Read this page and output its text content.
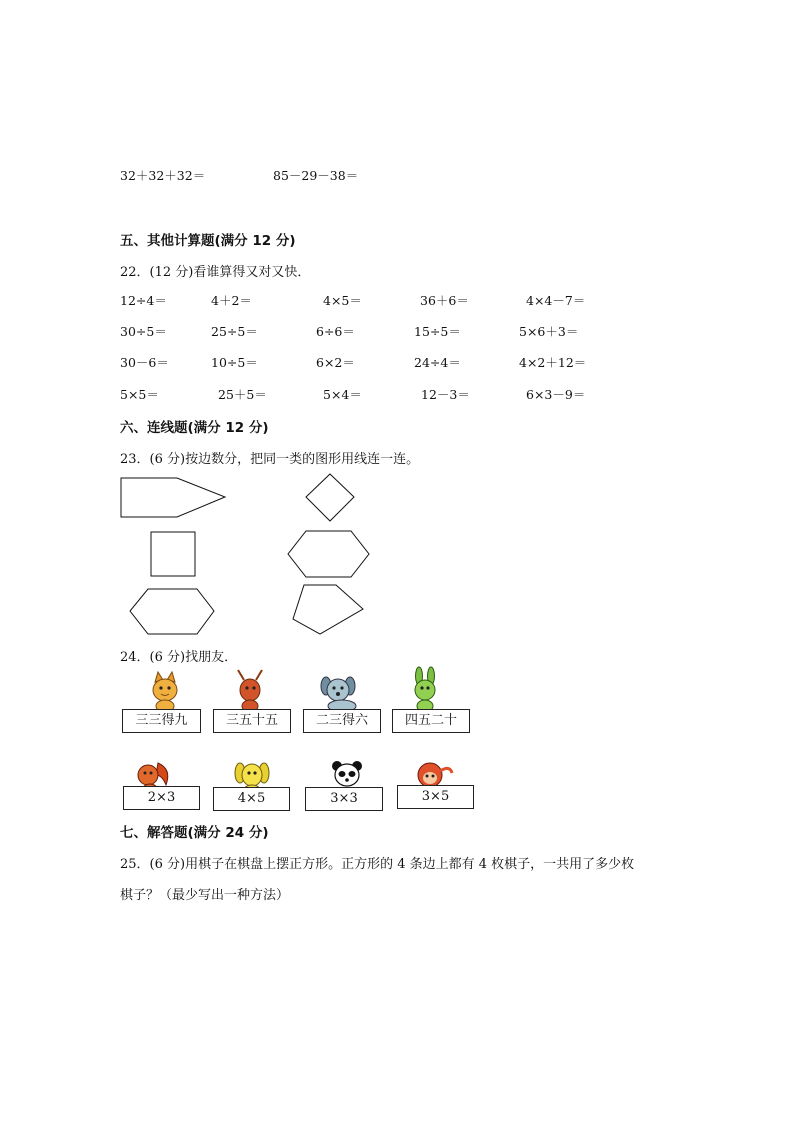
32＋32＋32＝	85－29－38＝
五、其他计算题(满分 12 分)
22．(12 分)看谁算得又对又快．
12÷4＝	4＋2＝	4×5＝	36＋6＝	4×4－7＝
30÷5＝	25÷5＝	6÷6＝	15÷5＝	5×6＋3＝
30－6＝	10÷5＝	6×2＝	24÷4＝	4×2＋12＝
5×5＝	25＋5＝	5×4＝	12－3＝	6×3－9＝
六、连线题(满分 12 分)
23．(6 分)按边数分，把同一类的图形用线连一连。
24．(6 分)找朋友．
三三得九	三五十五	二三得六	四五二十
2×3	4×5	3×3	3×5
七、解答题(满分 24 分)
25．(6 分)用棋子在棋盘上摆正方形。正方形的 4 条边上都有 4 枚棋子，一共用了多少枚
棋子？（最少写出一种方法）
